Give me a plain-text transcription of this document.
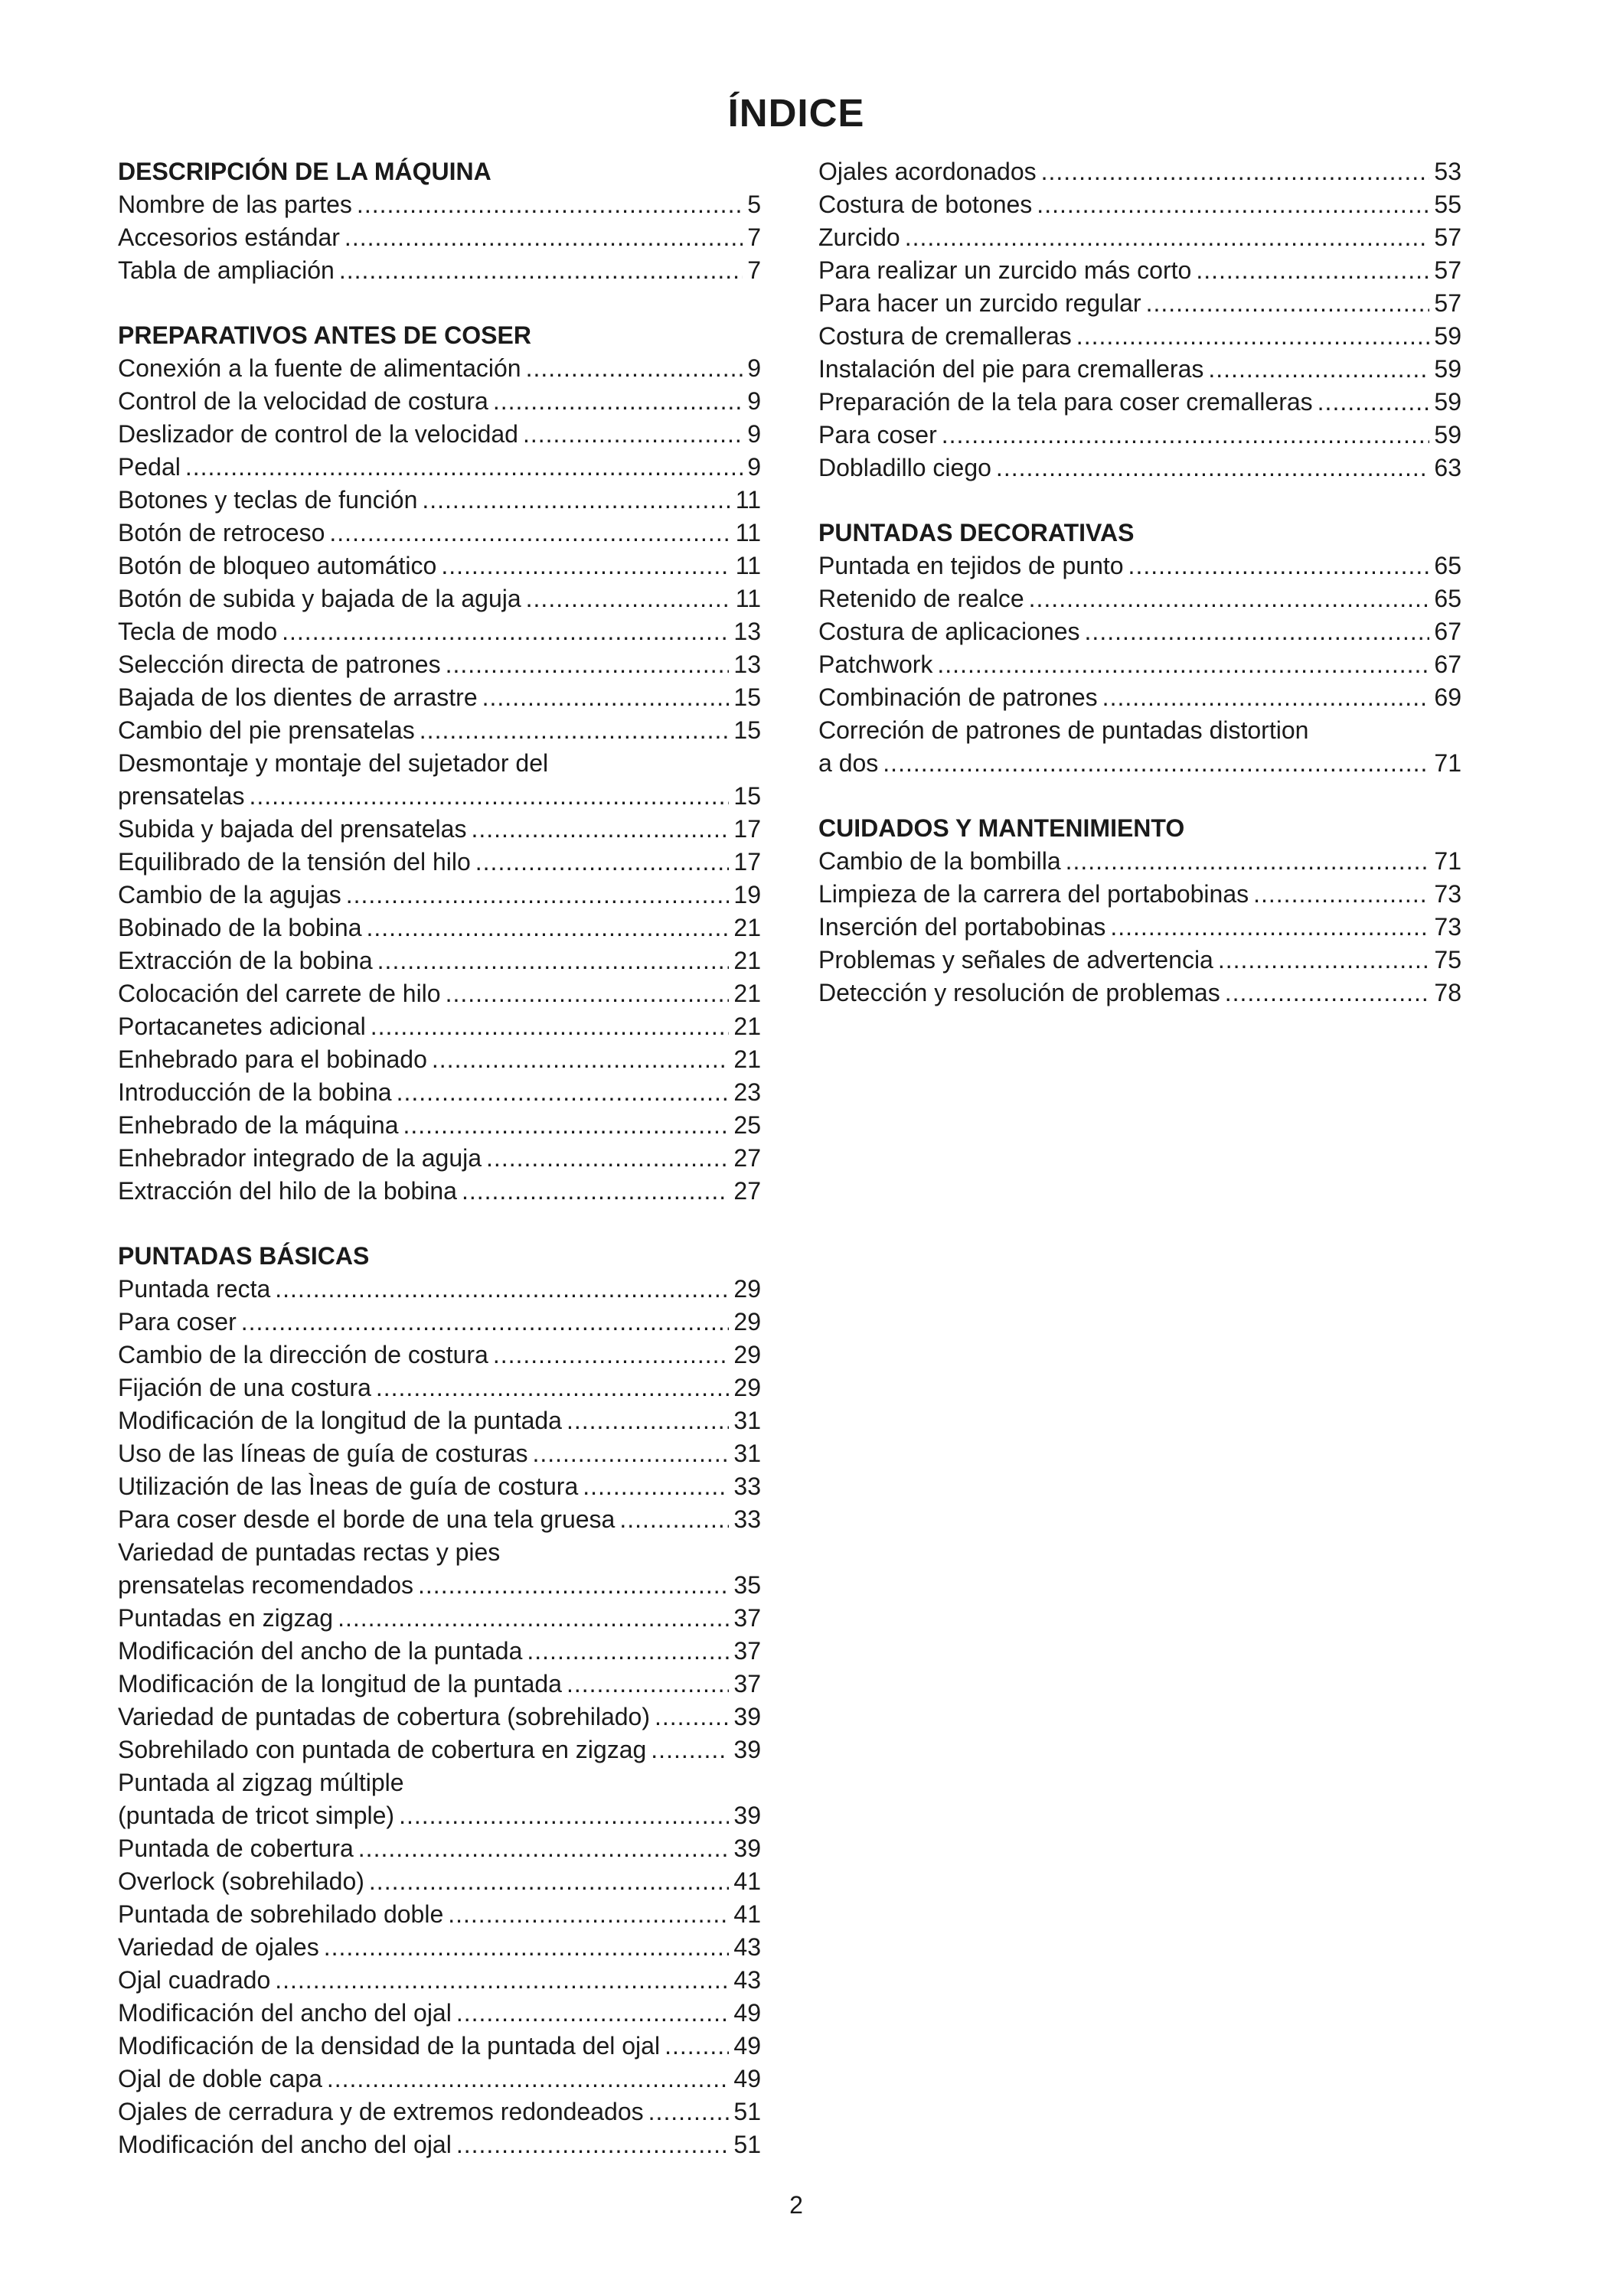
ÍNDICE
DESCRIPCIÓN DE LA MÁQUINA
Nombre de las partes .....	5
Accesorios estándar .....	7
Tabla de ampliación .....	7
PREPARATIVOS ANTES DE COSER
Conexión a la fuente de alimentación .....	9
Control de la velocidad de costura .....	9
Deslizador de control de la velocidad .....	9
Pedal .....	9
Botones y teclas de función .....	11
Botón de retroceso .....	11
Botón de bloqueo automático .....	11
Botón de subida y bajada de la aguja .....	11
Tecla de modo .....	13
Selección directa de patrones .....	13
Bajada de los dientes de arrastre .....	15
Cambio del pie prensatelas .....	15
Desmontaje y montaje del sujetador del
prensatelas .....	15
Subida y bajada del prensatelas .....	17
Equilibrado de la tensión del hilo .....	17
Cambio de la agujas .....	19
Bobinado de la bobina .....	21
Extracción de la bobina .....	21
Colocación del carrete de hilo .....	21
Portacanetes adicional .....	21
Enhebrado para el bobinado .....	21
Introducción de la bobina .....	23
Enhebrado de la máquina .....	25
Enhebrador integrado de la aguja .....	27
Extracción del hilo de la bobina .....	27
PUNTADAS BÁSICAS
Puntada recta .....	29
Para coser .....	29
Cambio de la dirección de costura .....	29
Fijación de una costura .....	29
Modificación de la longitud de la puntada .....	31
Uso de las líneas de guía de costuras .....	31
Utilización de las Ìneas de guía de costura .....	33
Para coser desde el borde de una tela gruesa .....	33
Variedad de puntadas rectas y pies
prensatelas recomendados .....	35
Puntadas en zigzag .....	37
Modificación del ancho de la puntada .....	37
Modificación de la longitud de la puntada .....	37
Variedad de puntadas de cobertura (sobrehilado) .....	39
Sobrehilado con puntada de cobertura en zigzag .....	39
Puntada al zigzag múltiple
(puntada de tricot simple) .....	39
Puntada de cobertura .....	39
Overlock (sobrehilado) .....	41
Puntada de sobrehilado doble .....	41
Variedad de ojales .....	43
Ojal cuadrado .....	43
Modificación del ancho del ojal .....	49
Modificación de la densidad de la puntada del ojal .....	49
Ojal de doble capa .....	49
Ojales de cerradura y de extremos redondeados .....	51
Modificación del ancho del ojal .....	51
Ojales acordonados .....	53
Costura de botones .....	55
Zurcido .....	57
Para realizar un zurcido más corto .....	57
Para hacer un zurcido regular .....	57
Costura de cremalleras .....	59
Instalación del pie para cremalleras .....	59
Preparación de la tela para coser cremalleras .....	59
Para coser .....	59
Dobladillo ciego .....	63
PUNTADAS DECORATIVAS
Puntada en tejidos de punto .....	65
Retenido de realce .....	65
Costura de aplicaciones .....	67
Patchwork .....	67
Combinación de patrones .....	69
Correción de patrones de puntadas distortion
a dos .....	71
CUIDADOS Y MANTENIMIENTO
Cambio de la bombilla .....	71
Limpieza de la carrera del portabobinas .....	73
Inserción del portabobinas .....	73
Problemas y señales de advertencia .....	75
Detección y resolución de problemas .....	78
2
